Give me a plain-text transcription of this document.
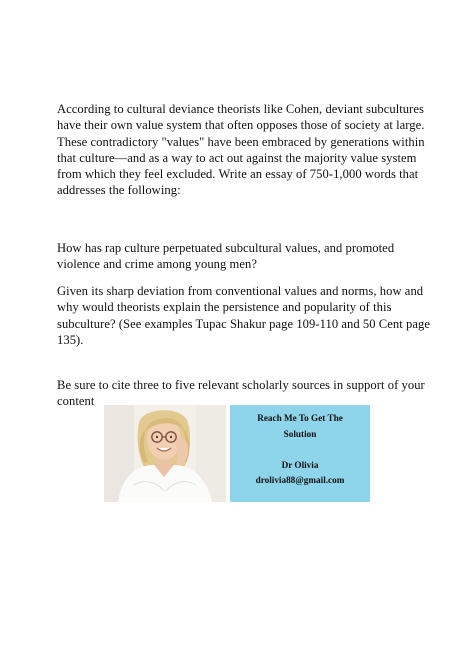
According to cultural deviance theorists like Cohen, deviant subcultures have their own value system that often opposes those of society at large. These contradictory "values" have been embraced by generations within that culture—and as a way to act out against the majority value system from which they feel excluded. Write an essay of 750-1,000 words that addresses the following:

How has rap culture perpetuated subcultural values, and promoted violence and crime among young men?

Given its sharp deviation from conventional values and norms, how and why would theorists explain the persistence and popularity of this subculture? (See examples Tupac Shakur page 109-110 and 50 Cent page 135).

Be sure to cite three to five relevant scholarly sources in support of your content

Reach Me To Get The

Solution

Dr Olivia

drolivia88@gmail.com
